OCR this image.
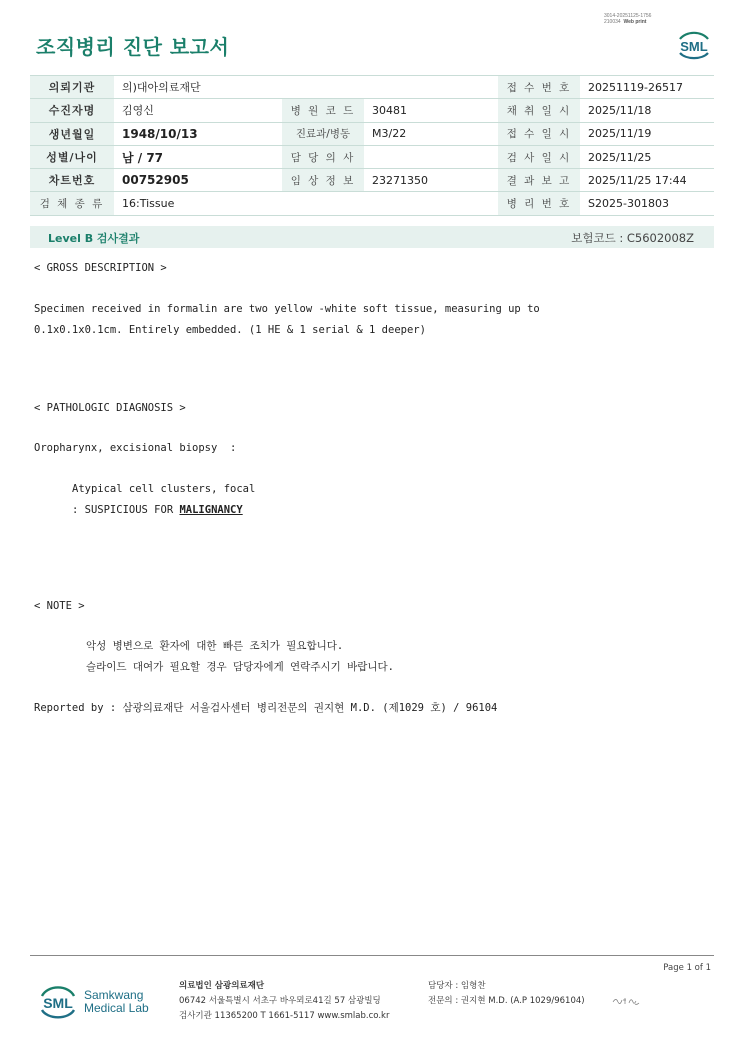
3014-20251125-1756
210034 Web print
조직병리 진단 보고서	SML
의뢰기관	의)대아의료재단			접 수 번 호	20251119-26517
수진자명	김영신	병 원 코 드	30481	채 취 일 시	2025/11/18
생년월일	1948/10/13	진료과/병동	M3/22	접 수 일 시	2025/11/19
성별/나이	남 / 77	담 당 의 사		검 사 일 시	2025/11/25
차트번호	00752905	임 상 정 보	23271350	결 과 보 고	2025/11/25 17:44
검 체 종 류	16:Tissue			병 리 번 호	S2025-301803
Level B 검사결과	보험코드 : C5602008Z
< GROSS DESCRIPTION >
Specimen received in formalin are two yellow -white soft tissue, measuring up to
0.1x0.1x0.1cm. Entirely embedded. (1 HE & 1 serial & 1 deeper)
< PATHOLOGIC DIAGNOSIS >
Oropharynx, excisional biopsy  :
Atypical cell clusters, focal
: SUSPICIOUS FOR MALIGNANCY
< NOTE >
악성 병변으로 환자에 대한 빠른 조치가 필요합니다.
슬라이드 대여가 필요할 경우 담당자에게 연락주시기 바랍니다.
Reported by : 삼광의료재단 서울검사센터 병리전문의 권지현 M.D. (제1029 호) / 96104
Page 1 of 1
SML Samkwang
Medical Lab
의료법인 삼광의료재단
06742 서울특별시 서초구 바우뫼로41길 57 삼광빌딩
검사기관 11365200 T 1661-5117 www.smlab.co.kr
담당자 : 임형찬
전문의 : 권지현 M.D. (A.P 1029/96104)
